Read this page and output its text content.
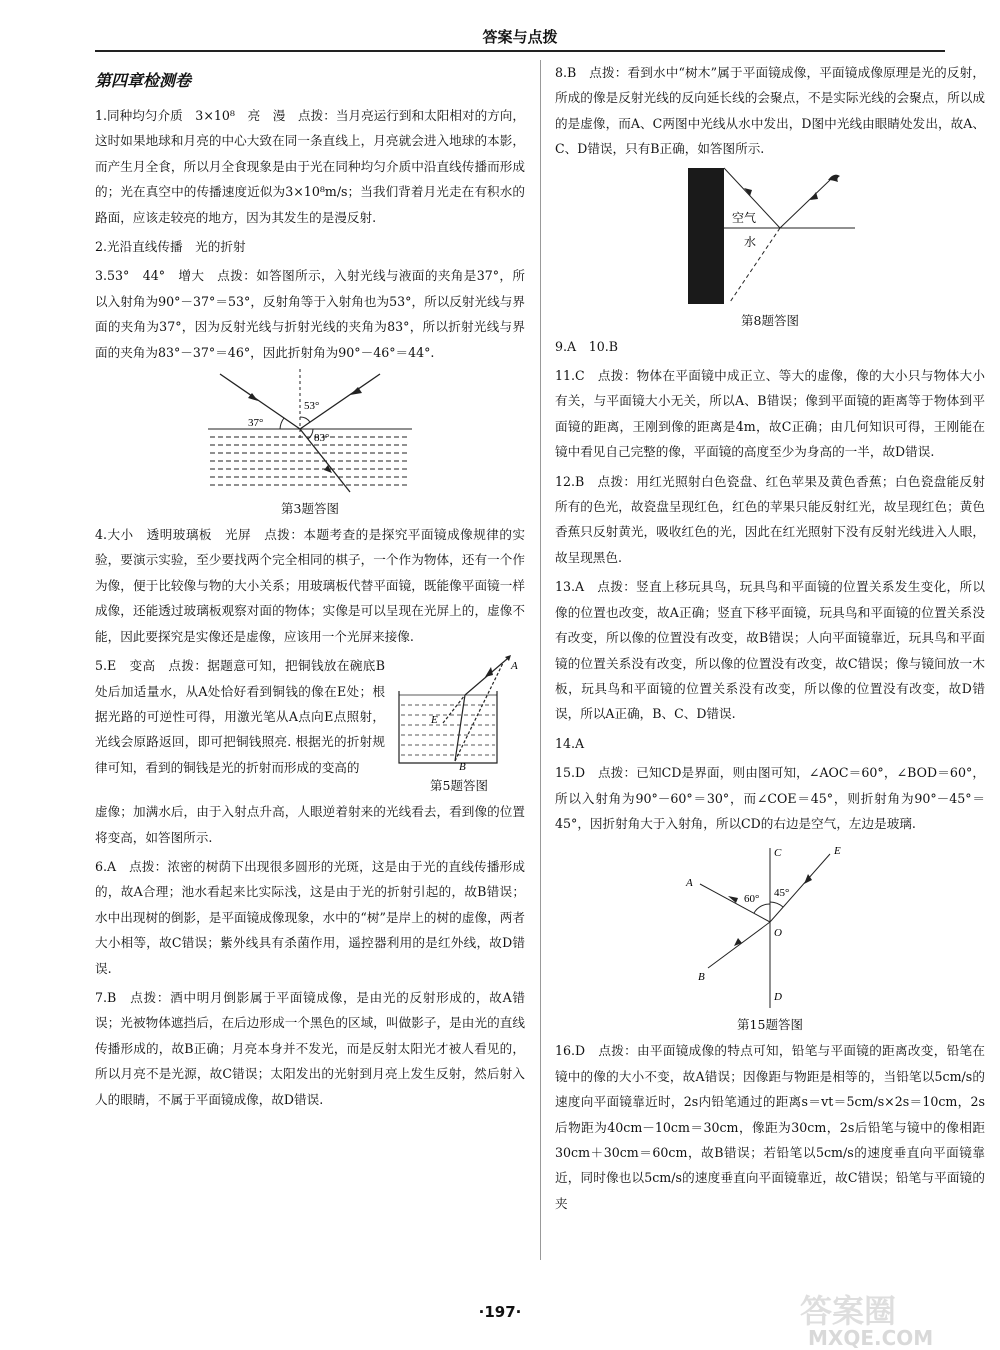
答案与点拨
第四章检测卷

1.同种均匀介质　3×10⁸　亮　漫　点拨：当月亮运行到和太阳相对的方向，这时如果地球和月亮的中心大致在同一条直线上，月亮就会进入地球的本影，而产生月全食，所以月全食现象是由于光在同种均匀介质中沿直线传播而形成的；光在真空中的传播速度近似为3×10⁸m/s；当我们背着月光走在有积水的路面，应该走较亮的地方，因为其发生的是漫反射.

2.光沿直线传播　光的折射

3.53°　44°　增大　点拨：如答图所示，入射光线与液面的夹角是37°，所以入射角为90°－37°＝53°，反射角等于入射角也为53°，所以反射光线与界面的夹角为37°，因为反射光线与折射光线的夹角为83°，所以折射光线与界面的夹角为83°－37°＝46°，因此折射角为90°－46°＝44°.

37°
53°
83°
第3题答图

4.大小　透明玻璃板　光屏　点拨：本题考查的是探究平面镜成像规律的实验，要演示实验，至少要找两个完全相同的棋子，一个作为物体，还有一个作为像，便于比较像与物的大小关系；用玻璃板代替平面镜，既能像平面镜一样成像，还能透过玻璃板观察对面的物体；实像是可以呈现在光屏上的，虚像不能，因此要探究是实像还是虚像，应该用一个光屏来接像.

E
B
A
第5题答图

5.E　变高　点拨：据题意可知，把铜钱放在碗底B处后加适量水，从A处恰好看到铜钱的像在E处；根据光路的可逆性可得，用激光笔从A点向E点照射，光线会原路返回，即可把铜钱照亮. 根据光的折射规律可知，看到的铜钱是光的折射而形成的变高的

虚像；加满水后，由于入射点升高，人眼逆着射来的光线看去，看到像的位置将变高，如答图所示.

6.A　点拨：浓密的树荫下出现很多圆形的光斑，这是由于光的直线传播形成的，故A合理；池水看起来比实际浅，这是由于光的折射引起的，故B错误；水中出现树的倒影，是平面镜成像现象，水中的“树”是岸上的树的虚像，两者大小相等，故C错误；紫外线具有杀菌作用，遥控器利用的是红外线，故D错误.

7.B　点拨：酒中明月倒影属于平面镜成像，是由光的反射形成的，故A错误；光被物体遮挡后，在后边形成一个黑色的区域，叫做影子，是由光的直线传播形成的，故B正确；月亮本身并不发光，而是反射太阳光才被人看见的，所以月亮不是光源，故C错误；太阳发出的光射到月亮上发生反射，然后射入人的眼睛，不属于平面镜成像，故D错误.

8.B　点拨：看到水中“树木”属于平面镜成像，平面镜成像原理是光的反射，所成的像是反射光线的反向延长线的会聚点，不是实际光线的会聚点，所以成的是虚像，而A、C两图中光线从水中发出，D图中光线由眼睛处发出，故A、C、D错误，只有B正确，如答图所示.

空气
水
第8题答图

9.A　10.B

11.C　点拨：物体在平面镜中成正立、等大的虚像，像的大小只与物体大小有关，与平面镜大小无关，所以A、B错误；像到平面镜的距离等于物体到平面镜的距离，王刚到像的距离是4m，故C正确；由几何知识可得，王刚能在镜中看见自己完整的像，平面镜的高度至少为身高的一半，故D错误.

12.B　点拨：用红光照射白色瓷盘、红色苹果及黄色香蕉；白色瓷盘能反射所有的色光，故瓷盘呈现红色，红色的苹果只能反射红光，故呈现红色；黄色香蕉只反射黄光，吸收红色的光，因此在红光照射下没有反射光线进入人眼，故呈现黑色.

13.A　点拨：竖直上移玩具鸟，玩具鸟和平面镜的位置关系发生变化，所以像的位置也改变，故A正确；竖直下移平面镜，玩具鸟和平面镜的位置关系没有改变，所以像的位置没有改变，故B错误；人向平面镜靠近，玩具鸟和平面镜的位置关系没有改变，所以像的位置没有改变，故C错误；像与镜间放一木板，玩具鸟和平面镜的位置关系没有改变，所以像的位置没有改变，故D错误，所以A正确，B、C、D错误.

14.A

15.D　点拨：已知CD是界面，则由图可知，∠AOC＝60°，∠BOD＝60°，所以入射角为90°－60°＝30°，而∠COE＝45°，则折射角为90°－45°＝45°，因折射角大于入射角，所以CD的右边是空气，左边是玻璃.

C	E
A
B
D
O
60° 45°
第15题答图

16.D　点拨：由平面镜成像的特点可知，铅笔与平面镜的距离改变，铅笔在镜中的像的大小不变，故A错误；因像距与物距是相等的，当铅笔以5cm/s的速度向平面镜靠近时，2s内铅笔通过的距离s＝vt＝5cm/s×2s＝10cm，2s后物距为40cm－10cm＝30cm，像距为30cm，2s后铅笔与镜中的像相距30cm＋30cm＝60cm，故B错误；若铅笔以5cm/s的速度垂直向平面镜靠近，同时像也以5cm/s的速度垂直向平面镜靠近，故C错误；铅笔与平面镜的夹

·197·	答案圈
MXQE.COM
